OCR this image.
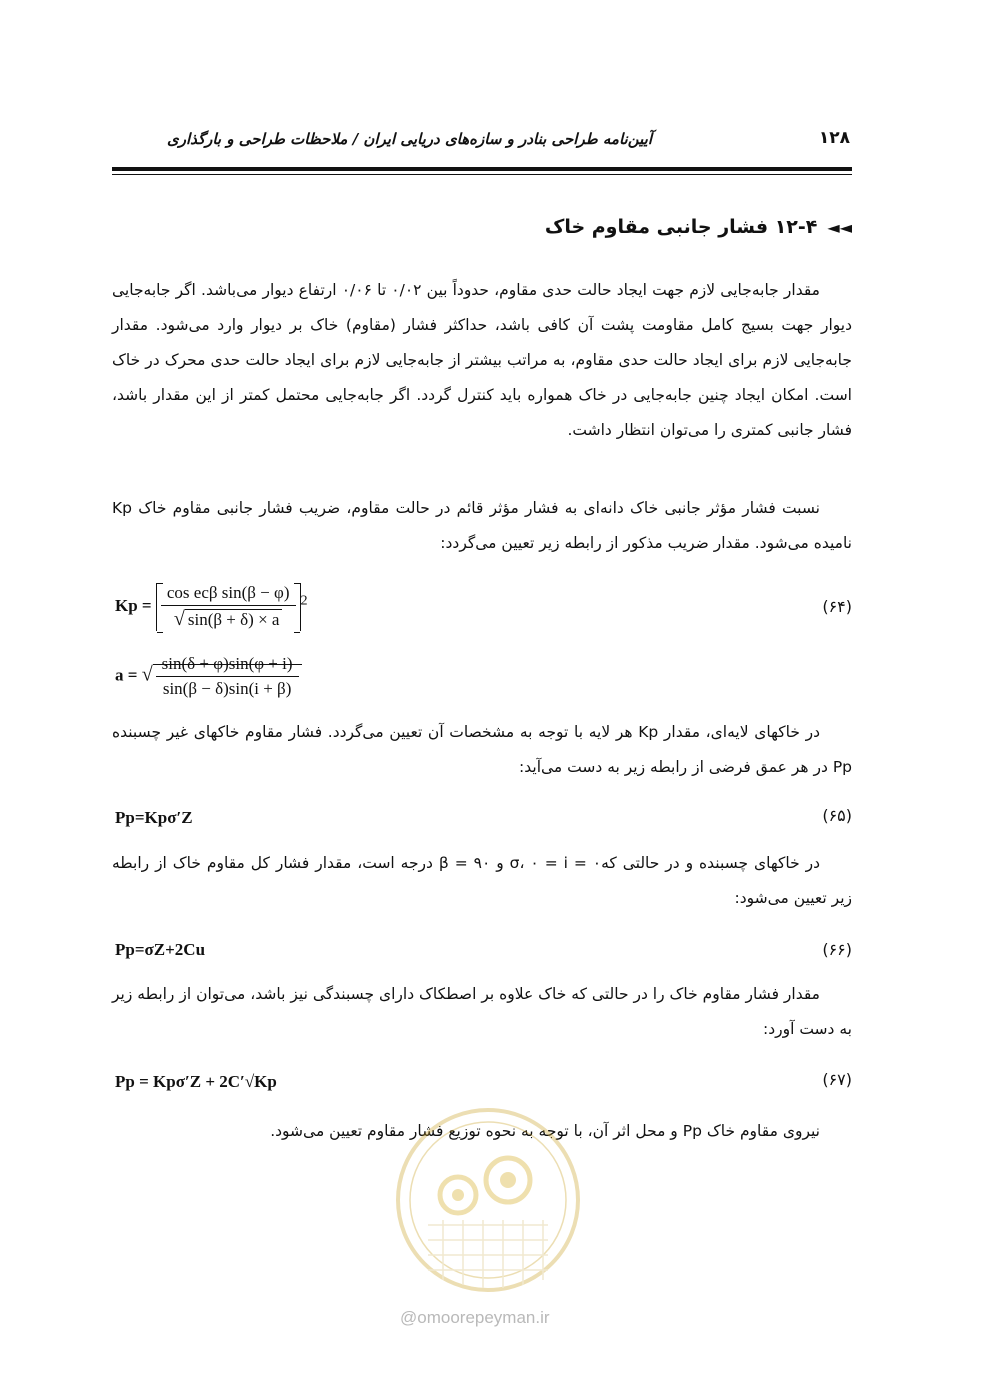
آیین‌نامه طراحی بنادر و سازه‌های دریایی ایران / ملاحظات طراحی و بارگذاری	۱۲۸
◄◄۱۲-۴ فشار جانبی مقاوم خاک

مقدار جابه‌جایی لازم جهت ایجاد حالت حدی مقاوم، حدوداً بین ۰/۰۲ تا ۰/۰۶ ارتفاع دیوار می‌باشد. اگر جابه‌جایی دیوار جهت بسیج کامل مقاومت پشت آن کافی باشد، حداکثر فشار (مقاوم) خاک بر دیوار وارد می‌شود. مقدار جابه‌جایی لازم برای ایجاد حالت حدی مقاوم، به مراتب بیشتر از جابه‌جایی لازم برای ایجاد حالت حدی محرک در خاک است. امکان ایجاد چنین جابه‌جایی در خاک همواره باید کنترل گردد. اگر جابه‌جایی محتمل کمتر از این مقدار باشد، فشار جانبی کمتری را می‌توان انتظار داشت.

نسبت فشار مؤثر جانبی خاک دانه‌ای به فشار مؤثر قائم در حالت مقاوم، ضریب فشار جانبی مقاوم خاک Kp نامیده می‌شود. مقدار ضریب مذکور از رابطه زیر تعیین می‌گردد:

$Kp = \frac{\text{cos ecβ sin(β − φ)}}{√ \sin(\beta + \delta) \times a} ^2$	(۶۴)
a = √ $\frac{\sin(\delta + \varphi)\sin(\varphi + i)}{\sin(\beta - \delta)\sin(i + \beta)}$

در خاکهای لایه‌ای، مقدار Kp هر لایه با توجه به مشخصات آن تعیین می‌گردد. فشار مقاوم خاکهای غیر چسبنده Pp در هر عمق فرضی از رابطه زیر به دست می‌آید:

Pp=Kpσ′Z	(۶۵)

در خاکهای چسبنده و در حالتی که۰ = σ، ۰ = i و ۹۰ = β درجه است، مقدار فشار کل مقاوم خاک از رابطه زیر تعیین می‌شود:

Pp=σZ+2Cu	(۶۶)

مقدار فشار مقاوم خاک را در حالتی که خاک علاوه بر اصطکاک دارای چسبندگی نیز باشد، می‌توان از رابطه زیر به دست آورد:

Pp = Kpσ′Z + 2C′√Kp	(۶۷)

نیروی مقاوم خاک Pp و محل اثر آن، با توجه به نحوه توزیع فشار مقاوم تعیین می‌شود.

@omoorepeyman.ir
